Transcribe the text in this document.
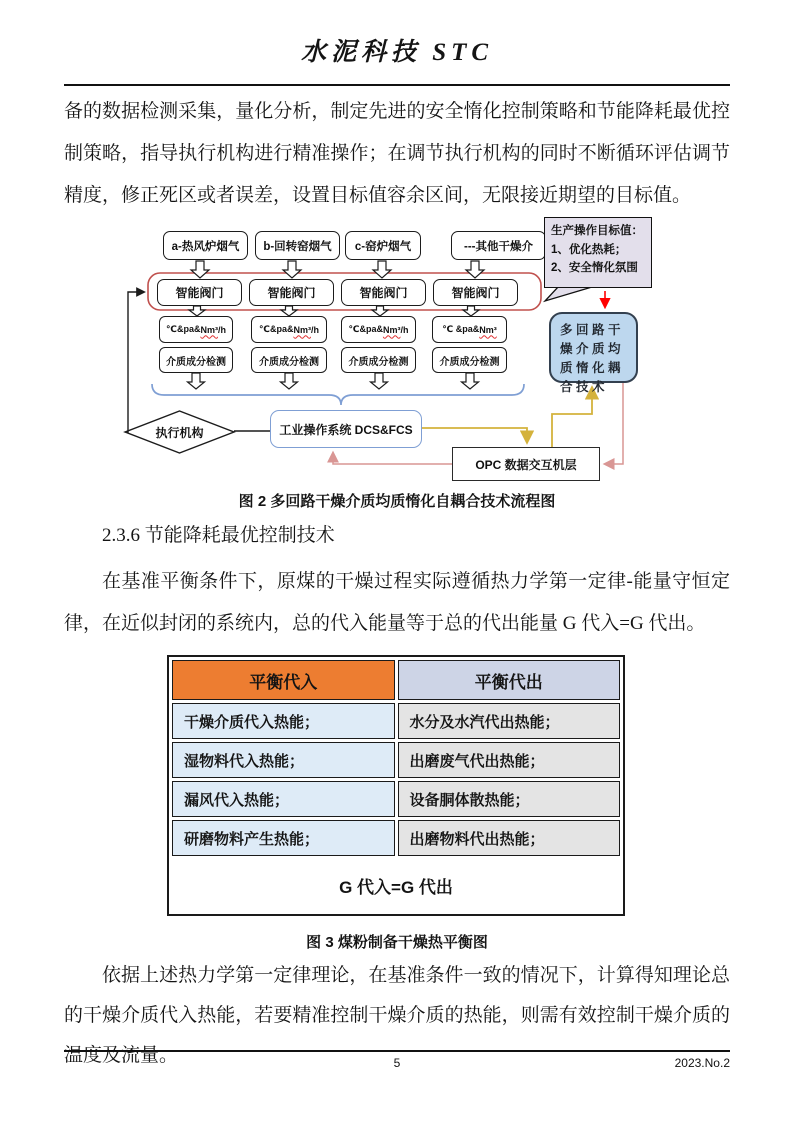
水泥科技 STC

备的数据检测采集，量化分析，制定先进的安全惰化控制策略和节能降耗最优控制策略，指导执行机构进行精准操作；在调节执行机构的同时不断循环评估调节精度，修正死区或者误差，设置目标值容余区间，无限接近期望的目标值。

a-热风炉烟气	b-回转窑烟气	c-窑炉烟气	---其他干燥介
智能阀门	智能阀门	智能阀门	智能阀门
℃&pa& Nm³ /h	℃&pa& Nm³ /h	℃&pa& Nm³ /h	℃ &pa& Nm³
介质成分检测	介质成分检测	介质成分检测	介质成分检测
生产操作目标值：
1、优化热耗；
2、安全惰化氛围
多回路干燥介质均质惰化耦合技术
执行机构	工业操作系统 DCS&FCS
OPC 数据交互机层
图 2 多回路干燥介质均质惰化自耦合技术流程图
2.3.6 节能降耗最优控制技术

在基准平衡条件下，原煤的干燥过程实际遵循热力学第一定律-能量守恒定律，在近似封闭的系统内，总的代入能量等于总的代出能量 G 代入=G 代出。

平衡代入	平衡代出
干燥介质代入热能；	水分及水汽代出热能；
湿物料代入热能；	出磨废气代出热能；
漏风代入热能；	设备胴体散热能；
研磨物料产生热能；	出磨物料代出热能；
G 代入=G 代出
图 3 煤粉制备干燥热平衡图

依据上述热力学第一定律理论，在基准条件一致的情况下，计算得知理论总的干燥介质代入热能，若要精准控制干燥介质的热能，则需有效控制干燥介质的温度及流量。	5	2023.No.2
